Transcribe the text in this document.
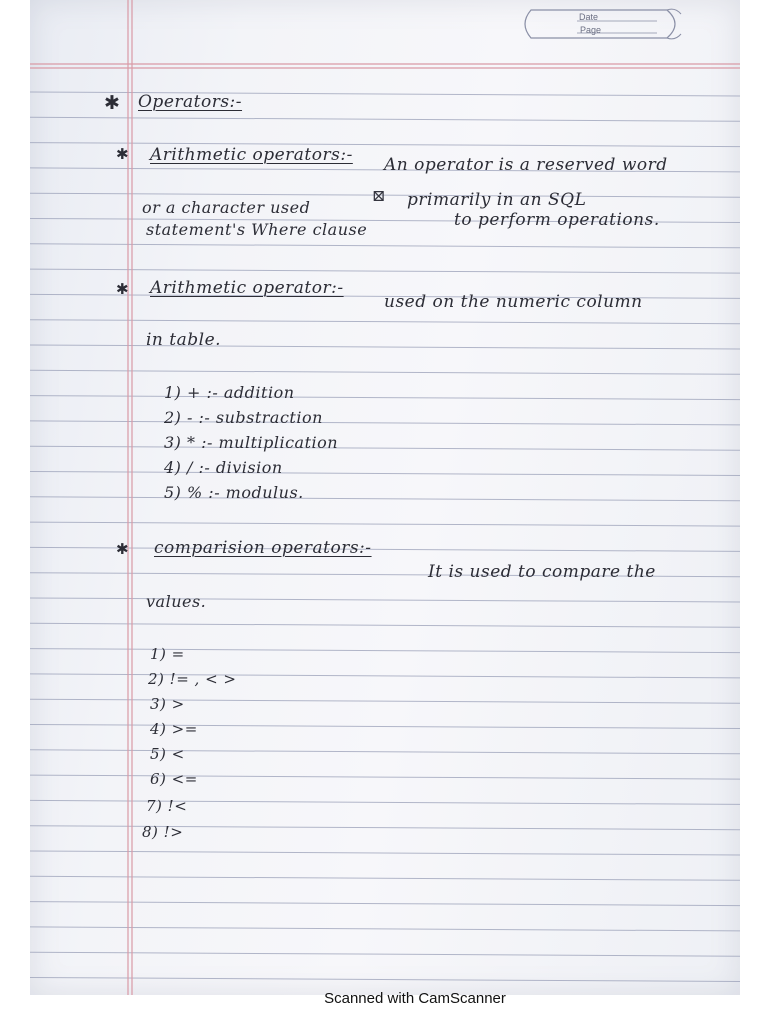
Date
Page
✱ Operators:-
✱ Arithmetic operators:- An operator is a reserved word
or a character used
⊠ primarily in an SQL
statement's Where clause	to perform operations.
✱ Arithmetic operator:-
used on the numeric column
in table.
1) + :- addition
2) - :- substraction
3) * :- multiplication
4) / :- division
5) % :- modulus.
✱ comparision operators:-
It is used to compare the
values.
1) =
2) != , < >
3) >
4) >=
5) <
6) <=
7) !<
8) !>
Scanned with CamScanner
